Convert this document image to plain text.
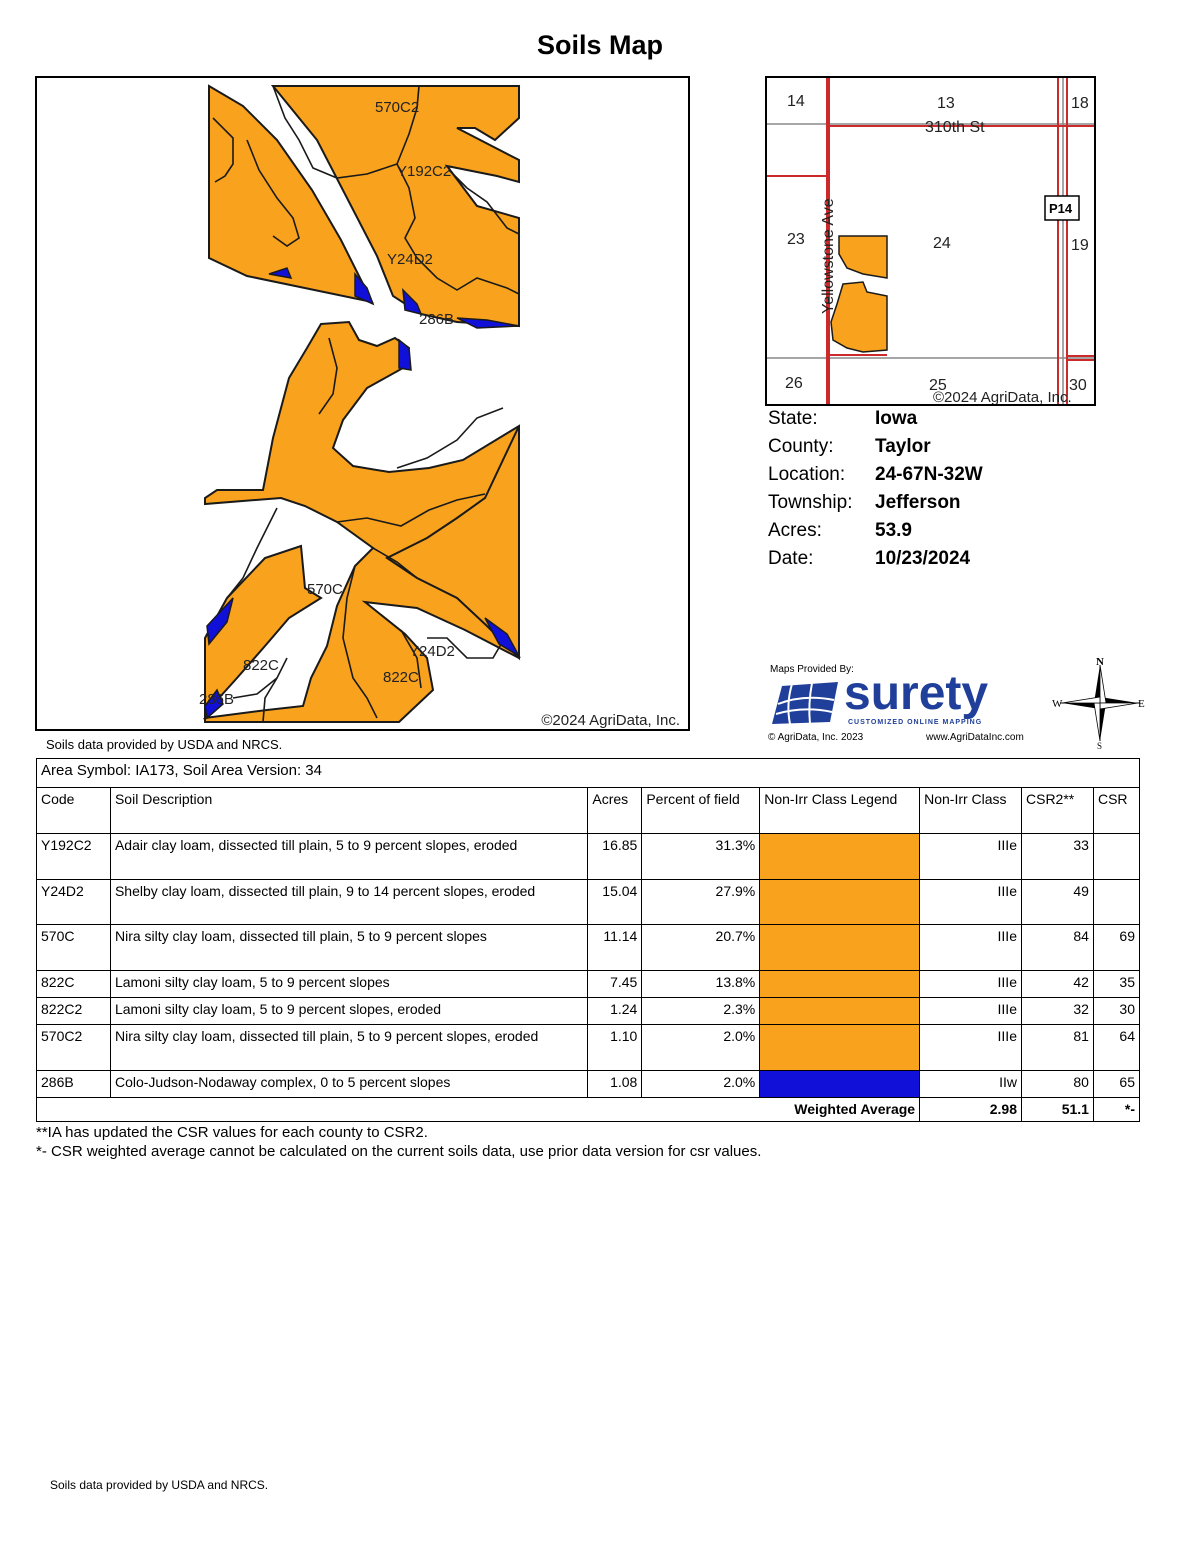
Soils Map
570C2
Y192C2
Y24D2
286B
570C
Y24D2
822C
822C
286B
©2024 AgriData, Inc.
Soils data provided by USDA and NRCS.
14	13	18
23	24	19
26	25	30
310th St
Yellowstone Ave	P14
©2024 AgriData, Inc.
State:	Iowa
County: Taylor
Location: 24-67N-32W
Township: Jefferson
Acres:	53.9
Date:	10/23/2024
Maps Provided By:
surety
CUSTOMIZED ONLINE MAPPING
© AgriData, Inc. 2023	www.AgriDataInc.com
N
S
E
W
Area Symbol: IA173, Soil Area Version: 34							
Code	Soil Description	Acres	Percent of field	Non-Irr Class Legend	Non-Irr Class	CSR2**	CSR
Y192C2	Adair clay loam, dissected till plain, 5 to 9 percent slopes, eroded	16.85	31.3%		IIIe	33	
Y24D2	Shelby clay loam, dissected till plain, 9 to 14 percent slopes, eroded	15.04	27.9%		IIIe	49	
570C	Nira silty clay loam, dissected till plain, 5 to 9 percent slopes	11.14	20.7%		IIIe	84	69
822C	Lamoni silty clay loam, 5 to 9 percent slopes	7.45	13.8%		IIIe	42	35
822C2	Lamoni silty clay loam, 5 to 9 percent slopes, eroded	1.24	2.3%		IIIe	32	30
570C2	Nira silty clay loam, dissected till plain, 5 to 9 percent slopes, eroded	1.10	2.0%		IIIe	81	64
286B	Colo-Judson-Nodaway complex, 0 to 5 percent slopes	1.08	2.0%		IIw	80	65
Weighted Average					2.98	51.1	*-
**IA has updated the CSR values for each county to CSR2.
*- CSR weighted average cannot be calculated on the current soils data, use prior data version for csr values.
Soils data provided by USDA and NRCS.
